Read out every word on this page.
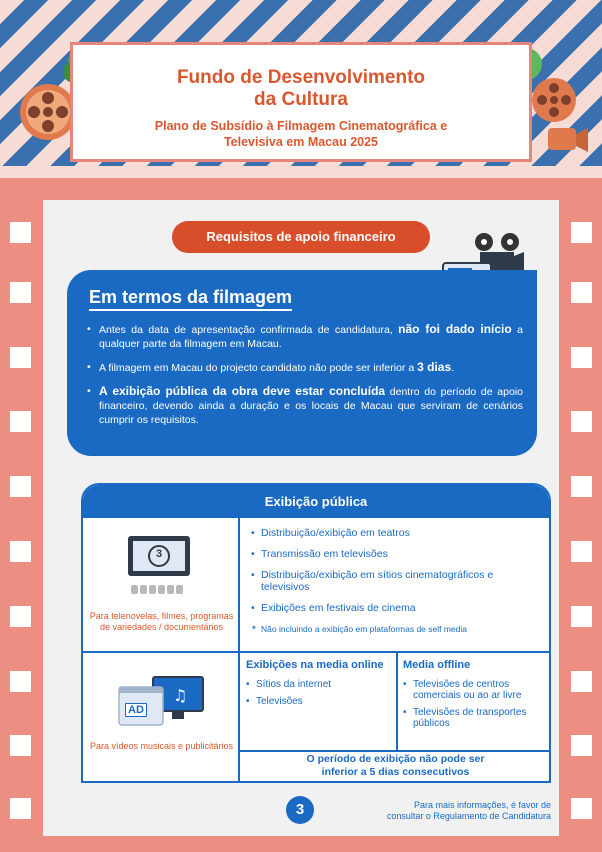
Fundo de Desenvolvimento
da Cultura
Plano de Subsídio à Filmagem Cinematográfica e
Televisiva em Macau 2025
Requisitos de apoio financeiro
Em termos da filmagem
• Antes da data de apresentação confirmada de candidatura, não foi dado início a qualquer parte da filmagem em Macau.
• A filmagem em Macau do projecto candidato não pode ser inferior a 3 dias.
• A exibição pública da obra deve estar concluída dentro do período de apoio financeiro, devendo ainda a duração e os locais de Macau que serviram de cenários cumprir os requisitos.
Exibição pública
3
Para telenovelas, filmes, programas de variedades / documentários
• Distribuição/exibição em teatros
• Transmissão em televisões
• Distribuição/exibição em sítios cinematográficos e televisivos
• Exibições em festivais de cinema
✶ Não incluindo a exibição em plataformas de self media
♫
AD
Para vídeos musicais e publicitários
Exibições na media online
• Sítios da internet
• Televisões
Media offline
• Televisões de centros comerciais ou ao ar livre
• Televisões de transportes públicos
O período de exibição não pode ser
inferior a 5 dias consecutivos
3	Para mais informações, é favor de
consultar o Regulamento de Candidatura
